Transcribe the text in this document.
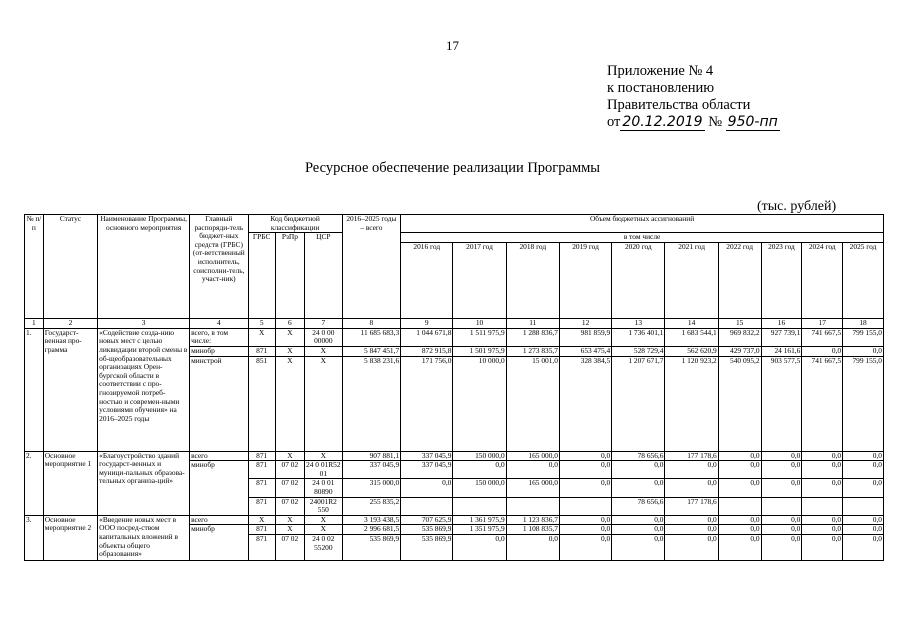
17
Приложение № 4
к постановлению
Правительства области
от 20.12.2019 № 950-пп
Ресурсное обеспечение реализации Программы
(тыс. рублей)
№ п/п	Статус	Наименование Программы, основного мероприятия	Главный распоряди-тель бюджет-ных средств (ГРБС) (от-ветственный исполнитель, соисполни-тель, участ-ник)	Код бюджетной классификации			2016–2025 годы – всего	Объем бюджетных ассигнований									
				ГРБС	РзПр	ЦСР		в том числе									
								2016 год	2017 год	2018 год	2019 год	2020 год	2021 год	2022 год	2023 год	2024 год	2025 год
1	2	3	4	5	6	7	8	9	10	11	12	13	14	15	16	17	18
1.	Государст-венная про-грамма	«Содействие созда-нию новых мест с целью ликвидации второй смены в об-щеобразовательных организациях Орен-бургской области в соответствии с про-гнозируемой потреб-ностью и современ-ными условиями обучения» на 2016–2025 годы	всего, в том числе:	Х	Х	24 0 00 00000	11 685 683,3	1 044 671,8	1 511 975,9	1 288 836,7	981 859,9	1 736 401,1	1 683 544,1	969 832,2	927 739,1	741 667,5	799 155,0
			минобр	871	Х	Х	5 847 451,7	872 915,8	1 501 975,9	1 273 835,7	653 475,4	528 729,4	562 620,9	429 737,0	24 161,6	0,0	0,0
			минстрой	851	Х	Х	5 838 231,6	171 756,0	10 000,0	15 001,0	328 384,5	1 207 671,7	1 120 923,2	540 095,2	903 577,5	741 667,5	799 155,0
2.	Основное мероприятие 1	«Благоустройство зданий государст-венных и муници-пальных образова-тельных организа-ций»	всего	871	Х	Х	907 881,1	337 045,9	150 000,0	165 000,0	0,0	78 656,6	177 178,6	0,0	0,0	0,0	0,0
			минобр	871	07 02	24 0 01R52 01	337 045,9	337 045,9	0,0	0,0	0,0	0,0	0,0	0,0	0,0	0,0	0,0
				871	07 02	24 0 01 80890	315 000,0	0,0	150 000,0	165 000,0	0,0	0,0	0,0	0,0	0,0	0,0	0,0
				871	07 02	24001R2 550	255 835,2					78 656,6	177 178,6				
3.	Основное мероприятие 2	«Введение новых мест в ООО посред-ством капитальных вложений в объекты общего образования»	всего	Х	Х	Х	3 193 438,5	707 625,9	1 361 975,9	1 123 836,7	0,0	0,0	0,0	0,0	0,0	0,0	0,0
			минобр	871	Х	Х	2 996 681,5	535 869,9	1 351 975,9	1 108 835,7	0,0	0,0	0,0	0,0	0,0	0,0	0,0
				871	07 02	24 0 02 55200	535 869,9	535 869,9	0,0	0,0	0,0	0,0	0,0	0,0	0,0	0,0	0,0
